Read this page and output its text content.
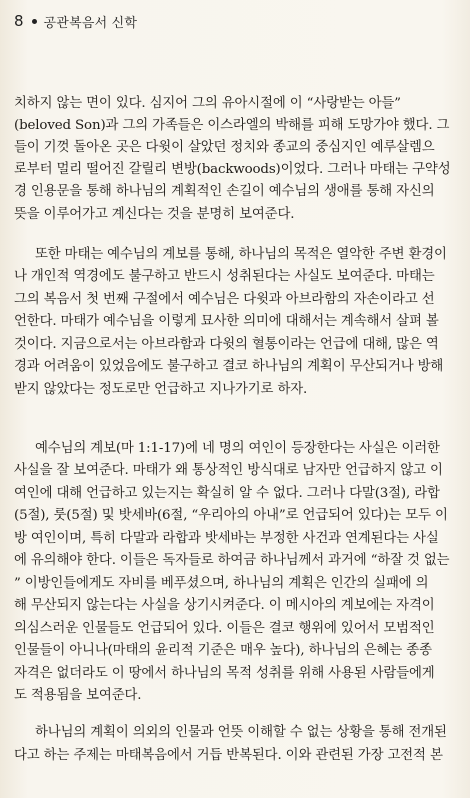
8 공관복음서 신학
치하지 않는 면이 있다. 심지어 그의 유아시절에 이 “사랑받는 아들”
(beloved Son)과 그의 가족들은 이스라엘의 박해를 피해 도망가야 했다. 그
들이 기껏 돌아온 곳은 다윗이 살았던 정치와 종교의 중심지인 예루살렘으
로부터 멀리 떨어진 갈릴리 변방(backwoods)이었다. 그러나 마태는 구약성
경 인용문을 통해 하나님의 계획적인 손길이 예수님의 생애를 통해 자신의
뜻을 이루어가고 계신다는 것을 분명히 보여준다.
또한 마태는 예수님의 계보를 통해, 하나님의 목적은 열악한 주변 환경이
나 개인적 역경에도 불구하고 반드시 성취된다는 사실도 보여준다. 마태는
그의 복음서 첫 번째 구절에서 예수님은 다윗과 아브라함의 자손이라고 선
언한다. 마태가 예수님을 이렇게 묘사한 의미에 대해서는 계속해서 살펴 볼
것이다. 지금으로서는 아브라함과 다윗의 혈통이라는 언급에 대해, 많은 역
경과 어려움이 있었음에도 불구하고 결코 하나님의 계획이 무산되거나 방해
받지 않았다는 정도로만 언급하고 지나가기로 하자.
예수님의 계보(마 1:1-17)에 네 명의 여인이 등장한다는 사실은 이러한
사실을 잘 보여준다. 마태가 왜 통상적인 방식대로 남자만 언급하지 않고 이
여인에 대해 언급하고 있는지는 확실히 알 수 없다. 그러나 다말(3절), 라합
(5절), 룻(5절) 및 밧세바(6절, “우리아의 아내”로 언급되어 있다)는 모두 이
방 여인이며, 특히 다말과 라합과 밧세바는 부정한 사건과 연계된다는 사실
에 유의해야 한다. 이들은 독자들로 하여금 하나님께서 과거에 “하잘 것 없는
” 이방인들에게도 자비를 베푸셨으며, 하나님의 계획은 인간의 실패에 의
해 무산되지 않는다는 사실을 상기시켜준다. 이 메시아의 계보에는 자격이
의심스러운 인물들도 언급되어 있다. 이들은 결코 행위에 있어서 모범적인
인물들이 아니나(마태의 윤리적 기준은 매우 높다), 하나님의 은혜는 종종
자격은 없더라도 이 땅에서 하나님의 목적 성취를 위해 사용된 사람들에게
도 적용됨을 보여준다.
하나님의 계획이 의외의 인물과 언뜻 이해할 수 없는 상황을 통해 전개된
다고 하는 주제는 마태복음에서 거듭 반복된다. 이와 관련된 가장 고전적 본
